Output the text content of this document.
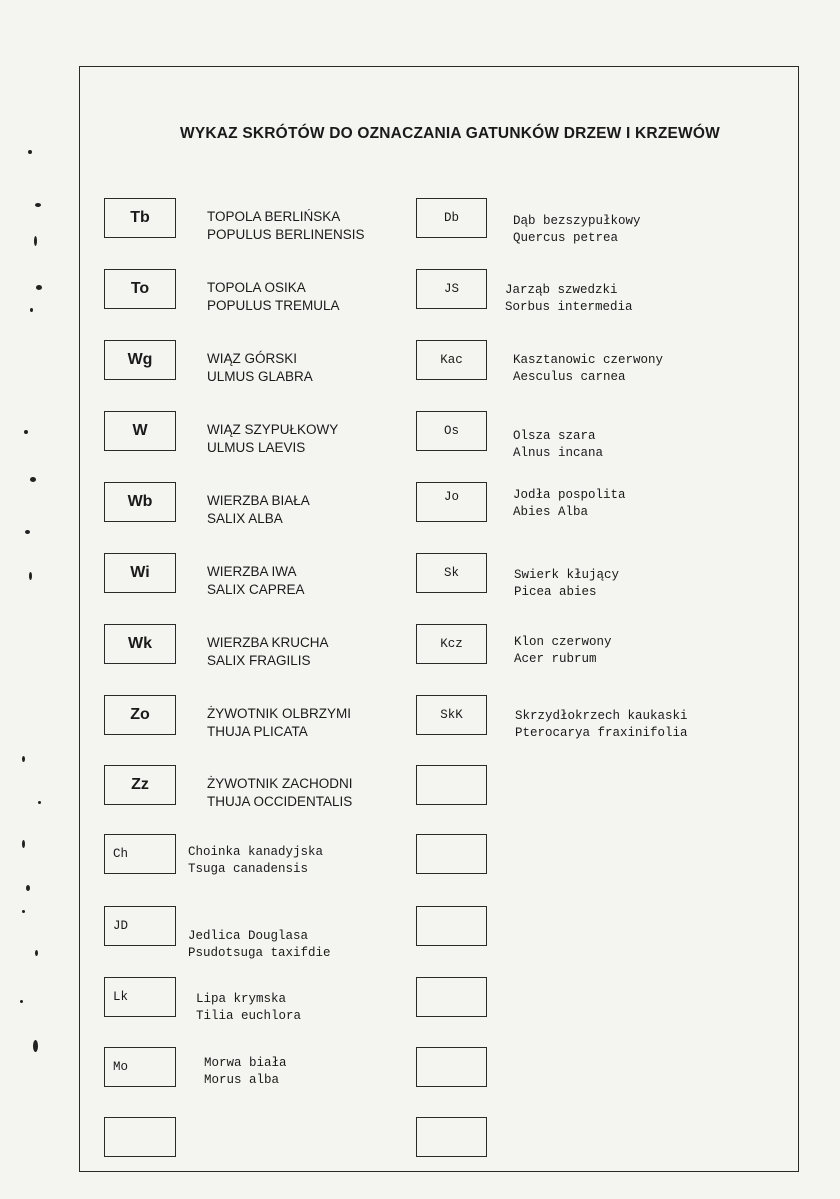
WYKAZ SKRÓTÓW DO OZNACZANIA GATUNKÓW DRZEW I KRZEWÓW
Tb	TOPOLA BERLIŃSKA
POPULUS BERLINENSIS
To	TOPOLA OSIKA
POPULUS TREMULA
Wg	WIĄZ GÓRSKI
ULMUS GLABRA
W	WIĄZ SZYPUŁKOWY
ULMUS LAEVIS
Wb	WIERZBA BIAŁA
SALIX ALBA
Wi	WIERZBA IWA
SALIX CAPREA
Wk	WIERZBA KRUCHA
SALIX FRAGILIS
Zo	ŻYWOTNIK OLBRZYMI
THUJA PLICATA
Zz	ŻYWOTNIK ZACHODNI
THUJA OCCIDENTALIS
Ch	Choinka kanadyjska
Tsuga canadensis
JD
Jedlica Douglasa
Psudotsuga taxifdie
Lk	Lipa krymska
Tilia euchlora
Mo	Morwa biała
Morus alba
Db	Dąb bezszypułkowy
Quercus petrea
JS	Jarząb szwedzki
Sorbus intermedia
Kac	Kasztanowic czerwony
Aesculus carnea
Os	Olsza szara
Alnus incana
Jo	Jodła pospolita
Abies Alba
Sk	Swierk kłujący
Picea abies
Kcz	Klon czerwony
Acer rubrum
SkK	Skrzydłokrzech kaukaski
Pterocarya fraxinifolia
